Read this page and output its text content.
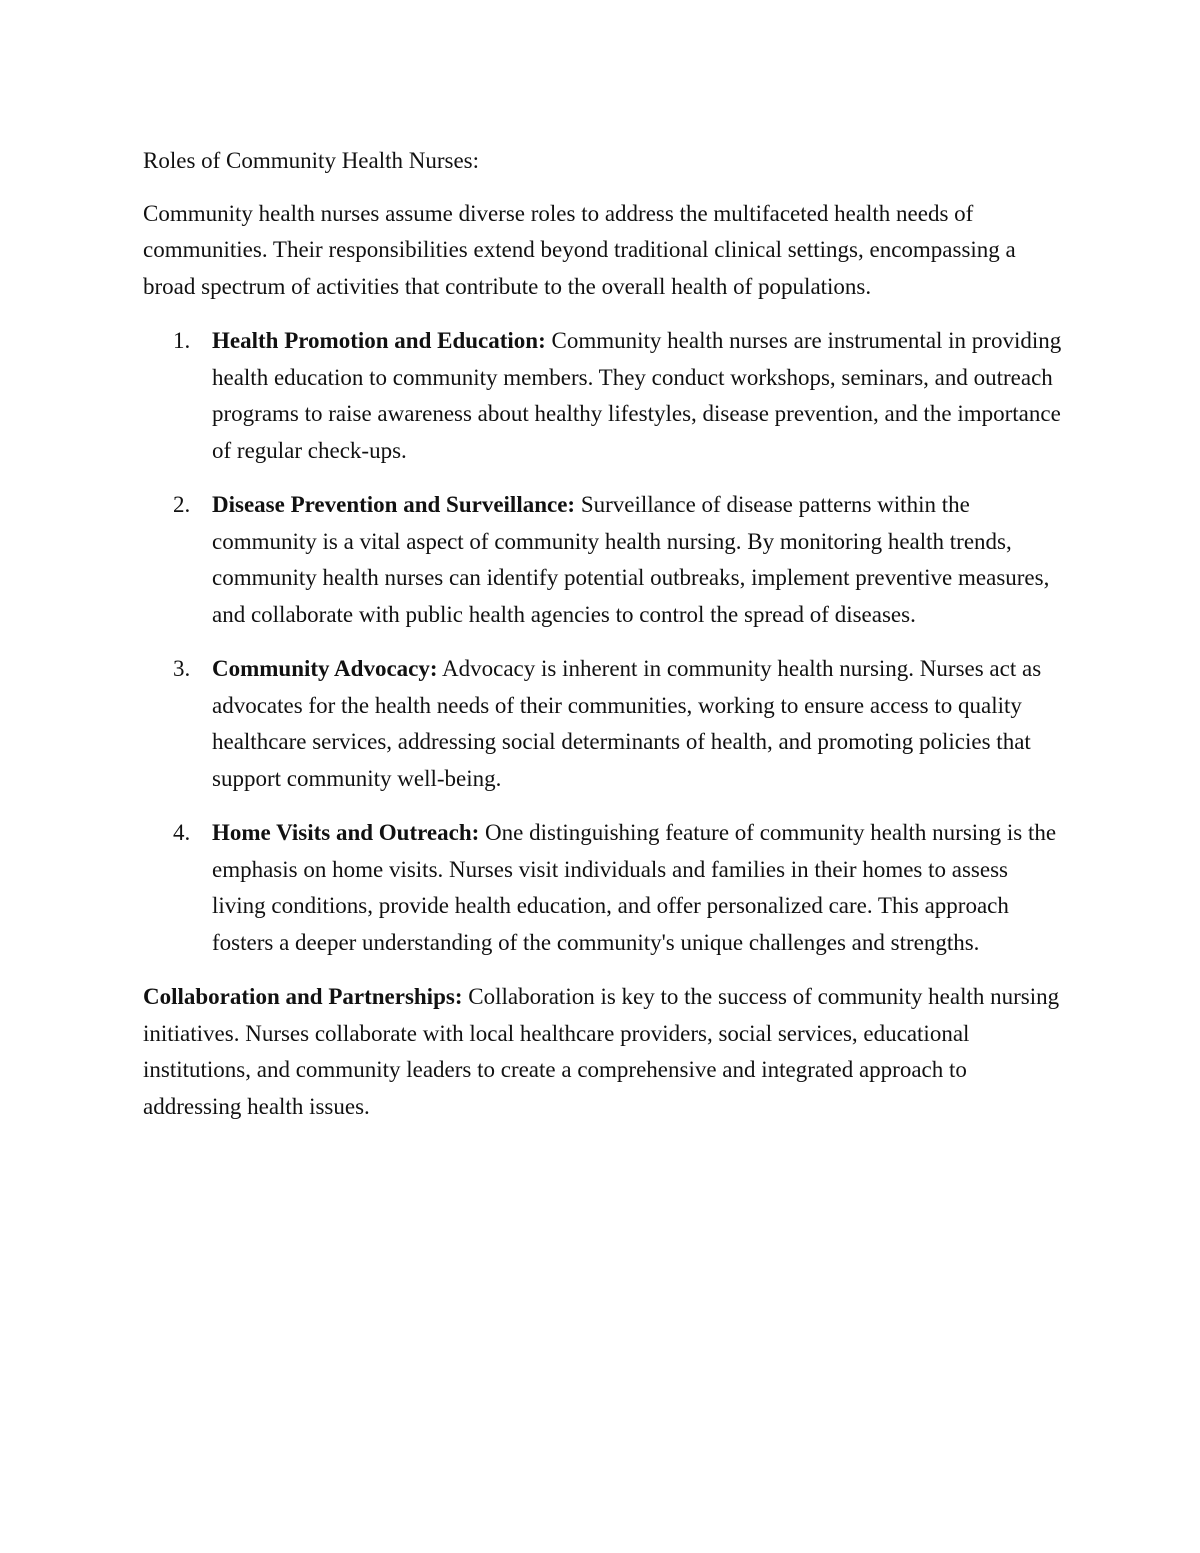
Roles of Community Health Nurses:

Community health nurses assume diverse roles to address the multifaceted health needs of communities. Their responsibilities extend beyond traditional clinical settings, encompassing a broad spectrum of activities that contribute to the overall health of populations.

1. Health Promotion and Education: Community health nurses are instrumental in providing health education to community members. They conduct workshops, seminars, and outreach programs to raise awareness about healthy lifestyles, disease prevention, and the importance of regular check-ups.
2. Disease Prevention and Surveillance: Surveillance of disease patterns within the community is a vital aspect of community health nursing. By monitoring health trends, community health nurses can identify potential outbreaks, implement preventive measures, and collaborate with public health agencies to control the spread of diseases.
3. Community Advocacy: Advocacy is inherent in community health nursing. Nurses act as advocates for the health needs of their communities, working to ensure access to quality healthcare services, addressing social determinants of health, and promoting policies that support community well-being.
4. Home Visits and Outreach: One distinguishing feature of community health nursing is the emphasis on home visits. Nurses visit individuals and families in their homes to assess living conditions, provide health education, and offer personalized care. This approach fosters a deeper understanding of the community's unique challenges and strengths.

Collaboration and Partnerships: Collaboration is key to the success of community health nursing initiatives. Nurses collaborate with local healthcare providers, social services, educational institutions, and community leaders to create a comprehensive and integrated approach to addressing health issues.
